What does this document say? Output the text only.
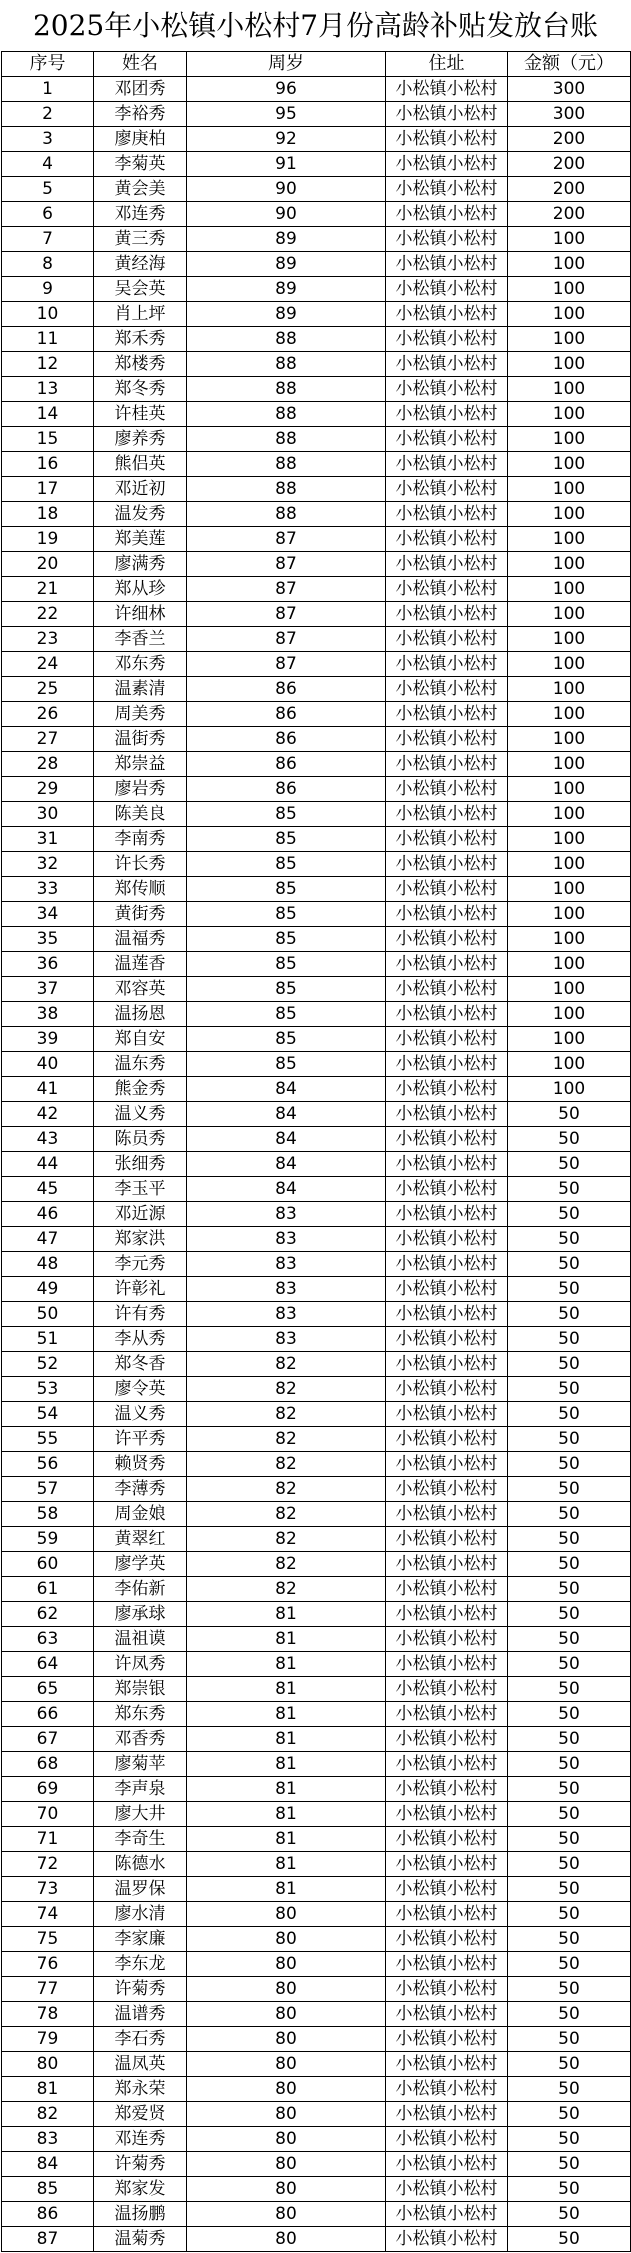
2025年小松镇小松村7月份高龄补贴发放台账
序号	姓名	周岁	住址	金额（元）
1	邓团秀	96	小松镇小松村	300
2	李裕秀	95	小松镇小松村	300
3	廖庚柏	92	小松镇小松村	200
4	李菊英	91	小松镇小松村	200
5	黄会美	90	小松镇小松村	200
6	邓连秀	90	小松镇小松村	200
7	黄三秀	89	小松镇小松村	100
8	黄经海	89	小松镇小松村	100
9	吴会英	89	小松镇小松村	100
10	肖上坪	89	小松镇小松村	100
11	郑禾秀	88	小松镇小松村	100
12	郑楼秀	88	小松镇小松村	100
13	郑冬秀	88	小松镇小松村	100
14	许桂英	88	小松镇小松村	100
15	廖养秀	88	小松镇小松村	100
16	熊侣英	88	小松镇小松村	100
17	邓近初	88	小松镇小松村	100
18	温发秀	88	小松镇小松村	100
19	郑美莲	87	小松镇小松村	100
20	廖满秀	87	小松镇小松村	100
21	郑从珍	87	小松镇小松村	100
22	许细林	87	小松镇小松村	100
23	李香兰	87	小松镇小松村	100
24	邓东秀	87	小松镇小松村	100
25	温素清	86	小松镇小松村	100
26	周美秀	86	小松镇小松村	100
27	温街秀	86	小松镇小松村	100
28	郑崇益	86	小松镇小松村	100
29	廖岩秀	86	小松镇小松村	100
30	陈美良	85	小松镇小松村	100
31	李南秀	85	小松镇小松村	100
32	许长秀	85	小松镇小松村	100
33	郑传顺	85	小松镇小松村	100
34	黄街秀	85	小松镇小松村	100
35	温福秀	85	小松镇小松村	100
36	温莲香	85	小松镇小松村	100
37	邓容英	85	小松镇小松村	100
38	温扬恩	85	小松镇小松村	100
39	郑自安	85	小松镇小松村	100
40	温东秀	85	小松镇小松村	100
41	熊金秀	84	小松镇小松村	100
42	温义秀	84	小松镇小松村	50
43	陈员秀	84	小松镇小松村	50
44	张细秀	84	小松镇小松村	50
45	李玉平	84	小松镇小松村	50
46	邓近源	83	小松镇小松村	50
47	郑家洪	83	小松镇小松村	50
48	李元秀	83	小松镇小松村	50
49	许彰礼	83	小松镇小松村	50
50	许有秀	83	小松镇小松村	50
51	李从秀	83	小松镇小松村	50
52	郑冬香	82	小松镇小松村	50
53	廖令英	82	小松镇小松村	50
54	温义秀	82	小松镇小松村	50
55	许平秀	82	小松镇小松村	50
56	赖贤秀	82	小松镇小松村	50
57	李薄秀	82	小松镇小松村	50
58	周金娘	82	小松镇小松村	50
59	黄翠红	82	小松镇小松村	50
60	廖学英	82	小松镇小松村	50
61	李佑新	82	小松镇小松村	50
62	廖承球	81	小松镇小松村	50
63	温祖谟	81	小松镇小松村	50
64	许凤秀	81	小松镇小松村	50
65	郑崇银	81	小松镇小松村	50
66	郑东秀	81	小松镇小松村	50
67	邓香秀	81	小松镇小松村	50
68	廖菊苹	81	小松镇小松村	50
69	李声泉	81	小松镇小松村	50
70	廖大井	81	小松镇小松村	50
71	李奇生	81	小松镇小松村	50
72	陈德水	81	小松镇小松村	50
73	温罗保	81	小松镇小松村	50
74	廖水清	80	小松镇小松村	50
75	李家廉	80	小松镇小松村	50
76	李东龙	80	小松镇小松村	50
77	许菊秀	80	小松镇小松村	50
78	温谱秀	80	小松镇小松村	50
79	李石秀	80	小松镇小松村	50
80	温凤英	80	小松镇小松村	50
81	郑永荣	80	小松镇小松村	50
82	郑爱贤	80	小松镇小松村	50
83	邓连秀	80	小松镇小松村	50
84	许菊秀	80	小松镇小松村	50
85	郑家发	80	小松镇小松村	50
86	温扬鹏	80	小松镇小松村	50
87	温菊秀	80	小松镇小松村	50
